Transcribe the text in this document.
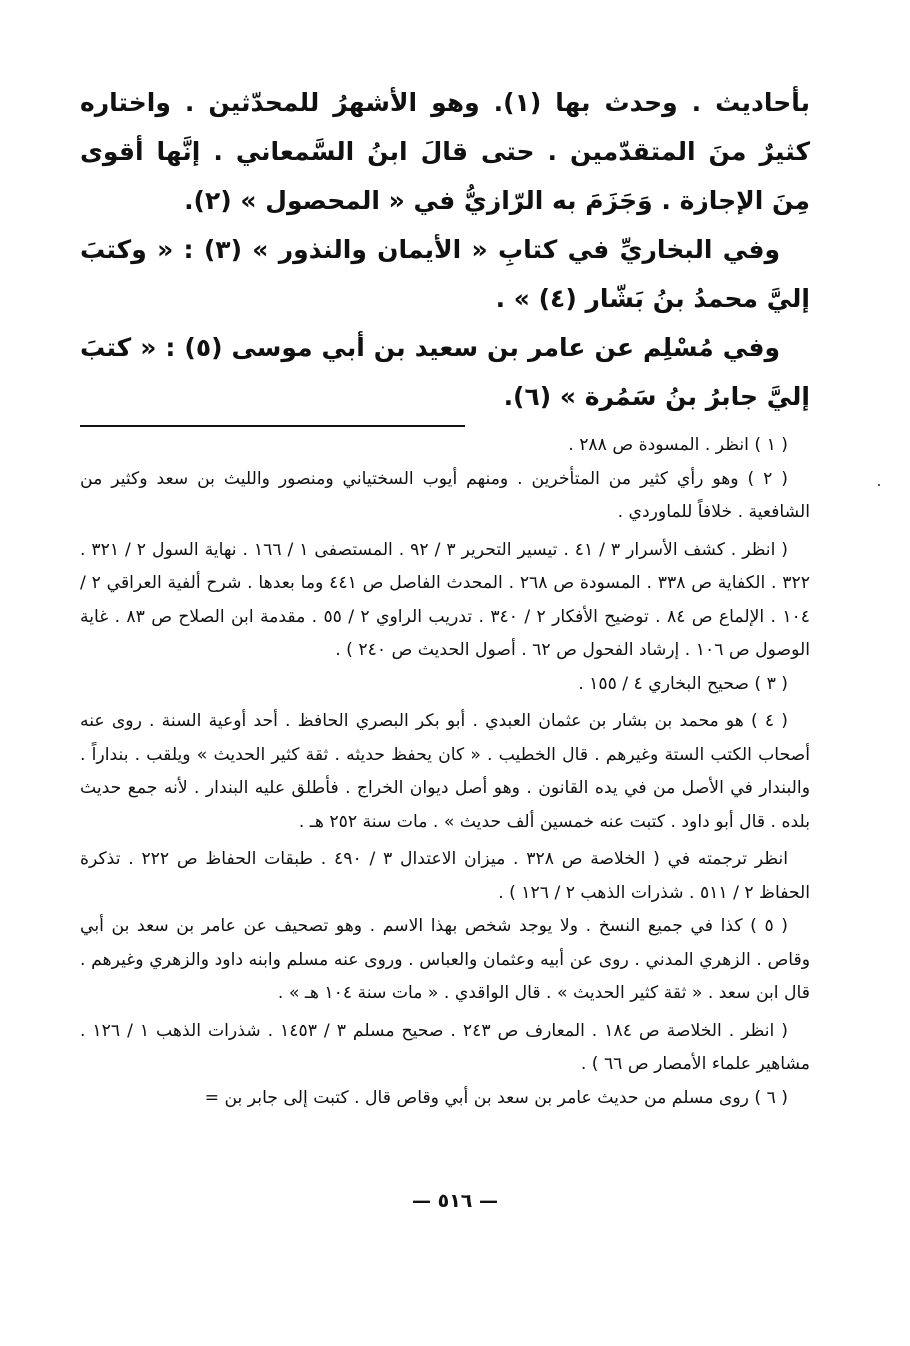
بأحاديث . وحدث بها (١). وهو الأشهرُ للمحدّثين . واختاره كثيرٌ منَ المتقدّمين . حتى قالَ ابنُ السَّمعاني . إنَّها أقوى مِنَ الإجازة . وَجَزَمَ به الرّازيُّ في « المحصول » (٢).

وفي البخاريِّ في كتابِ « الأيمان والنذور » (٣) : « وكتبَ إليَّ محمدُ بنُ بَشّار (٤) » .

وفي مُسْلِم عن عامر بن سعيد بن أبي موسى (٥) : « كتبَ إليَّ جابرُ بنُ سَمُرة » (٦).

( ١ ) انظر . المسودة ص ٢٨٨ .

( ٢ ) وهو رأي كثير من المتأخرين . ومنهم أيوب السختياني ومنصور والليث بن سعد وكثير من الشافعية . خلافاً للماوردي .

( انظر . كشف الأسرار ٣ / ٤١ . تيسير التحرير ٣ / ٩٢ . المستصفى ١ / ١٦٦ . نهاية السول ٢ / ٣٢١ . ٣٢٢ . الكفاية ص ٣٣٨ . المسودة ص ٢٦٨ . المحدث الفاصل ص ٤٤١ وما بعدها . شرح ألفية العراقي ٢ / ١٠٤ . الإلماع ص ٨٤ . توضيح الأفكار ٢ / ٣٤٠ . تدريب الراوي ٢ / ٥٥ . مقدمة ابن الصلاح ص ٨٣ . غاية الوصول ص ١٠٦ . إرشاد الفحول ص ٦٢ . أصول الحديث ص ٢٤٠ ) .

( ٣ ) صحيح البخاري ٤ / ١٥٥ .

( ٤ ) هو محمد بن بشار بن عثمان العبدي . أبو بكر البصري الحافظ . أحد أوعية السنة . روى عنه أصحاب الكتب الستة وغيرهم . قال الخطيب . « كان يحفظ حديثه . ثقة كثير الحديث » ويلقب . بنداراً . والبندار في الأصل من في يده القانون . وهو أصل ديوان الخراج . فأطلق عليه البندار . لأنه جمع حديث بلده . قال أبو داود . كتبت عنه خمسين ألف حديث » . مات سنة ٢٥٢ هـ .

انظر ترجمته في ( الخلاصة ص ٣٢٨ . ميزان الاعتدال ٣ / ٤٩٠ . طبقات الحفاظ ص ٢٢٢ . تذكرة الحفاظ ٢ / ٥١١ . شذرات الذهب ٢ / ١٢٦ ) .

( ٥ ) كذا في جميع النسخ . ولا يوجد شخص بهذا الاسم . وهو تصحيف عن عامر بن سعد بن أبي وقاص . الزهري المدني . روى عن أبيه وعثمان والعباس . وروى عنه مسلم وابنه داود والزهري وغيرهم . قال ابن سعد . « ثقة كثير الحديث » . قال الواقدي . « مات سنة ١٠٤ هـ » .

( انظر . الخلاصة ص ١٨٤ . المعارف ص ٢٤٣ . صحيح مسلم ٣ / ١٤٥٣ . شذرات الذهب ١ / ١٢٦ . مشاهير علماء الأمصار ص ٦٦ ) .

( ٦ ) روى مسلم من حديث عامر بن سعد بن أبي وقاص قال . كتبت إلى جابر بن =

— ٥١٦ —
